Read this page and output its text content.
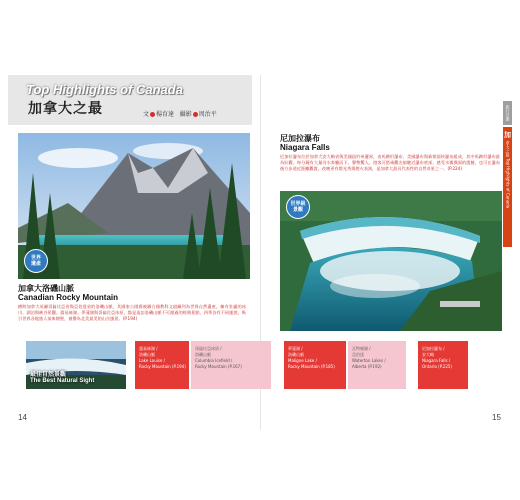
Top Highlights of Canada
加拿大之最	文 楊育達 攝影 周治平
世界
遺產
加拿大洛磯山脈
Canadian Rocky Mountain
横跨加拿大英屬哥倫比亞省與亞伯達省的洛磯山脈，其國家公園群被聯合國教科文組織列為世界自然遺產，擁有壯麗的冰川、湖泊與峽谷景觀。露易絲湖、夢蓮湖與哥倫比亞冰原，都是造訪洛磯山脈不可錯過的經典景點，四季各有不同風貌，吸引世界各地旅人前來朝聖，被譽為北美最美的山岳風景。(P.194)
尼加拉瀑布
Niagara Falls
尼加拉瀑布位於加拿大安大略省與美國紐約州邊界，由馬蹄形瀑布、美國瀑布與新娘面紗瀑布組成，其中馬蹄形瀑布最為壯觀，每分鐘有大量河水奔騰而下，聲勢驚人。遊客可搭乘觀光船駛近瀑布底部，感受水霧撲面的震撼，也可在瀑布後方步道近距離觀賞，夜晚更有燈光秀與煙火表演，是加拿大最具代表性的自然奇景之一。(P.224)
世界級
景觀
旅行計畫
加
拿大之最 Top Highlights of Canada
最佳自然景觀
The Best Natural Sight
露易絲湖 /
洛磯山脈
Lake Louise /
Rocky Mountain (P.194)
哥倫比亞冰原 /
洛磯山脈
Columbia Icefield /
Rocky Mountain (P.167)
夢蓮湖 /
洛磯山脈
Maligne Lake /
Rocky Mountain (P.185)
瓦特頓湖 /
亞伯達
Waterton Lakes /
Alberta (P.192)
尼加拉瀑布 /
安大略
Niagara Falls /
Ontario (P.225)
14	15
